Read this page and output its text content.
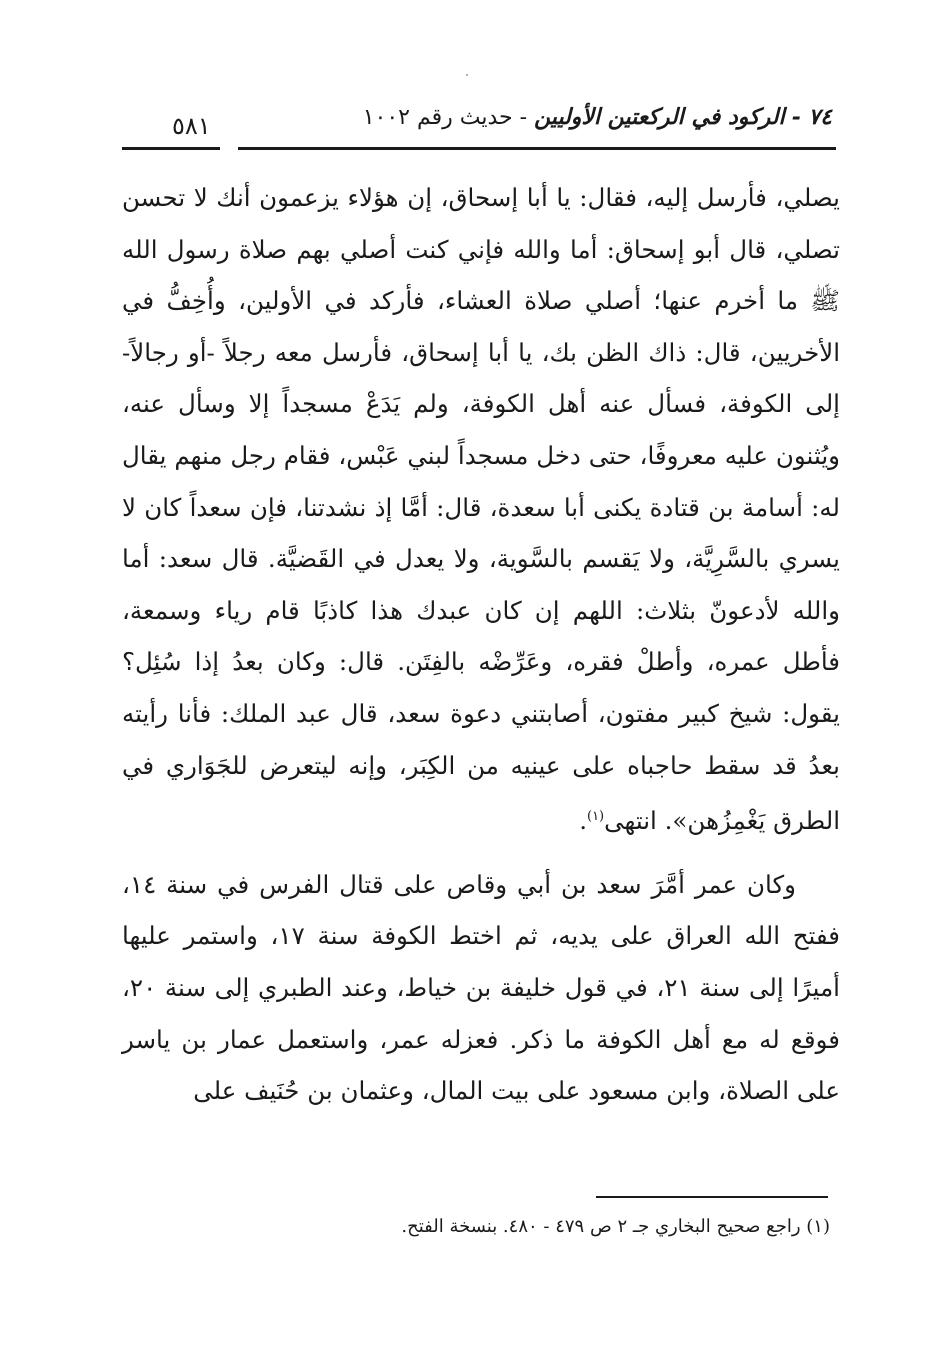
٧٤ - الركود في الركعتين الأوليين - حديث رقم ١٠٠٢
٥٨١

يصلي، فأرسل إليه، فقال: يا أبا إسحاق، إن هؤلاء يزعمون أنك لا تحسن تصلي، قال أبو إسحاق: أما والله فإني كنت أصلي بهم صلاة رسول الله ﷺ ما أخرم عنها؛ أصلي صلاة العشاء، فأركد في الأولين، وأُخِفُّ في الأخريين، قال: ذاك الظن بك، يا أبا إسحاق، فأرسل معه رجلاً -أو رجالاً- إلى الكوفة، فسأل عنه أهل الكوفة، ولم يَدَعْ مسجداً إلا وسأل عنه، ويُثنون عليه معروفًا، حتى دخل مسجداً لبني عَبْس، فقام رجل منهم يقال له: أسامة بن قتادة يكنى أبا سعدة، قال: أمَّا إذ نشدتنا، فإن سعداً كان لا يسري بالسَّرِيَّة، ولا يَقسم بالسَّوية، ولا يعدل في القَضيَّة. قال سعد: أما والله لأدعونّ بثلاث: اللهم إن كان عبدك هذا كاذبًا قام رياء وسمعة، فأطل عمره، وأطلْ فقره، وعَرِّضْه بالفِتَن. قال: وكان بعدُ إذا سُئِل؟ يقول: شيخ كبير مفتون، أصابتني دعوة سعد، قال عبد الملك: فأنا رأيته بعدُ قد سقط حاجباه على عينيه من الكِبَر، وإنه ليتعرض للجَوَاري في الطرق يَغْمِزُهن». انتهى$^{(١)}$.

وكان عمر أمَّرَ سعد بن أبي وقاص على قتال الفرس في سنة ١٤، ففتح الله العراق على يديه، ثم اختط الكوفة سنة ١٧، واستمر عليها أميرًا إلى سنة ٢١، في قول خليفة بن خياط، وعند الطبري إلى سنة ٢٠، فوقع له مع أهل الكوفة ما ذكر. فعزله عمر، واستعمل عمار بن ياسر على الصلاة، وابن مسعود على بيت المال، وعثمان بن حُنَيف على

(١) راجع صحيح البخاري جـ ٢ ص ٤٧٩ - ٤٨٠. بنسخة الفتح.
